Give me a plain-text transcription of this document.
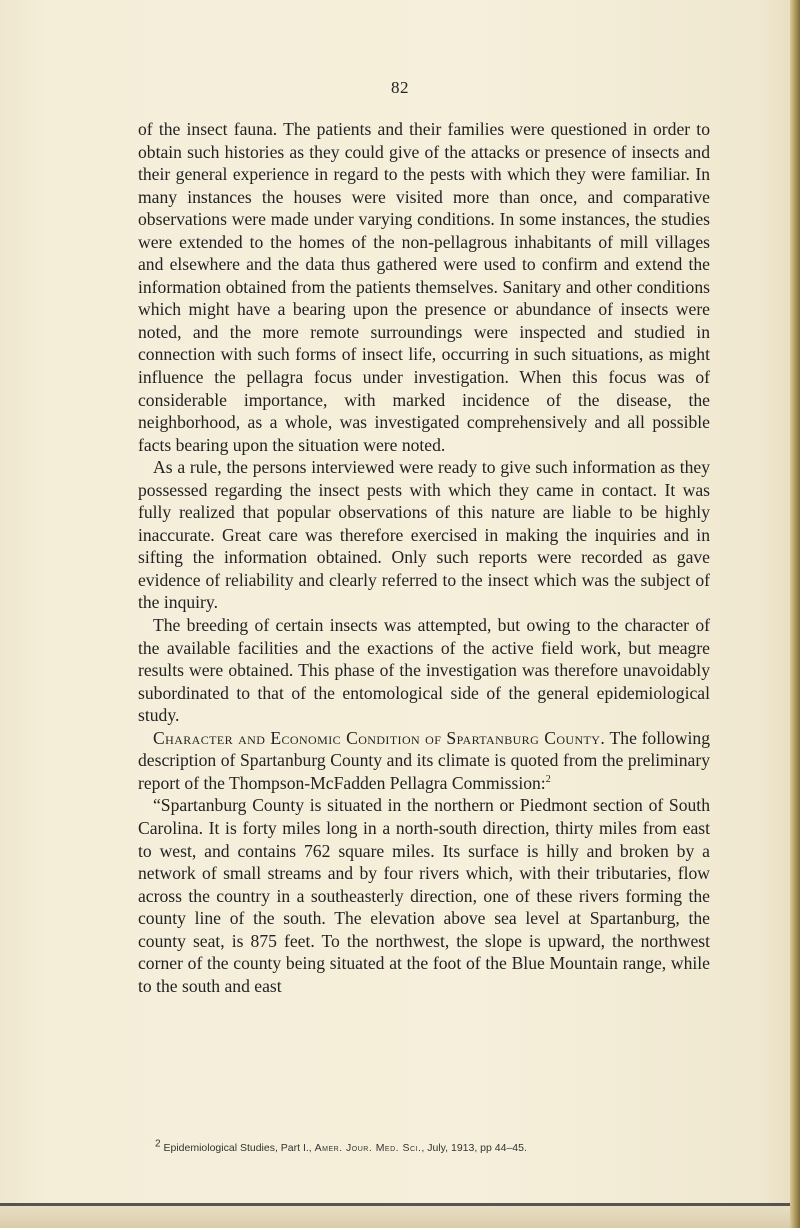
82

of the insect fauna. The patients and their families were questioned in order to obtain such histories as they could give of the attacks or presence of insects and their general experience in regard to the pests with which they were familiar. In many instances the houses were visited more than once, and comparative observations were made under varying conditions. In some instances, the studies were extended to the homes of the non-pellagrous inhabitants of mill villages and elsewhere and the data thus gathered were used to confirm and extend the information obtained from the patients themselves. Sanitary and other conditions which might have a bearing upon the presence or abundance of insects were noted, and the more remote surroundings were inspected and studied in connection with such forms of insect life, occurring in such situations, as might influence the pellagra focus under investigation. When this focus was of considerable importance, with marked incidence of the disease, the neighborhood, as a whole, was investigated comprehensively and all possible facts bearing upon the situation were noted.

As a rule, the persons interviewed were ready to give such information as they possessed regarding the insect pests with which they came in contact. It was fully realized that popular observations of this nature are liable to be highly inaccurate. Great care was therefore exercised in making the inquiries and in sifting the information obtained. Only such reports were recorded as gave evidence of reliability and clearly referred to the insect which was the subject of the inquiry.

The breeding of certain insects was attempted, but owing to the character of the available facilities and the exactions of the active field work, but meagre results were obtained. This phase of the investigation was therefore unavoidably subordinated to that of the entomological side of the general epidemiological study.

Character and Economic Condition of Spartanburg County. The following description of Spartanburg County and its climate is quoted from the preliminary report of the Thompson-McFadden Pellagra Commission:$^2$

“Spartanburg County is situated in the northern or Piedmont section of South Carolina. It is forty miles long in a north-south direction, thirty miles from east to west, and contains 762 square miles. Its surface is hilly and broken by a network of small streams and by four rivers which, with their tributaries, flow across the country in a southeasterly direction, one of these rivers forming the county line of the south. The elevation above sea level at Spartanburg, the county seat, is 875 feet. To the northwest, the slope is upward, the northwest corner of the county being situated at the foot of the Blue Mountain range, while to the south and east

$^2$ Epidemiological Studies, Part I., Amer. Jour. Med. Sci., July, 1913, pp 44–45.
